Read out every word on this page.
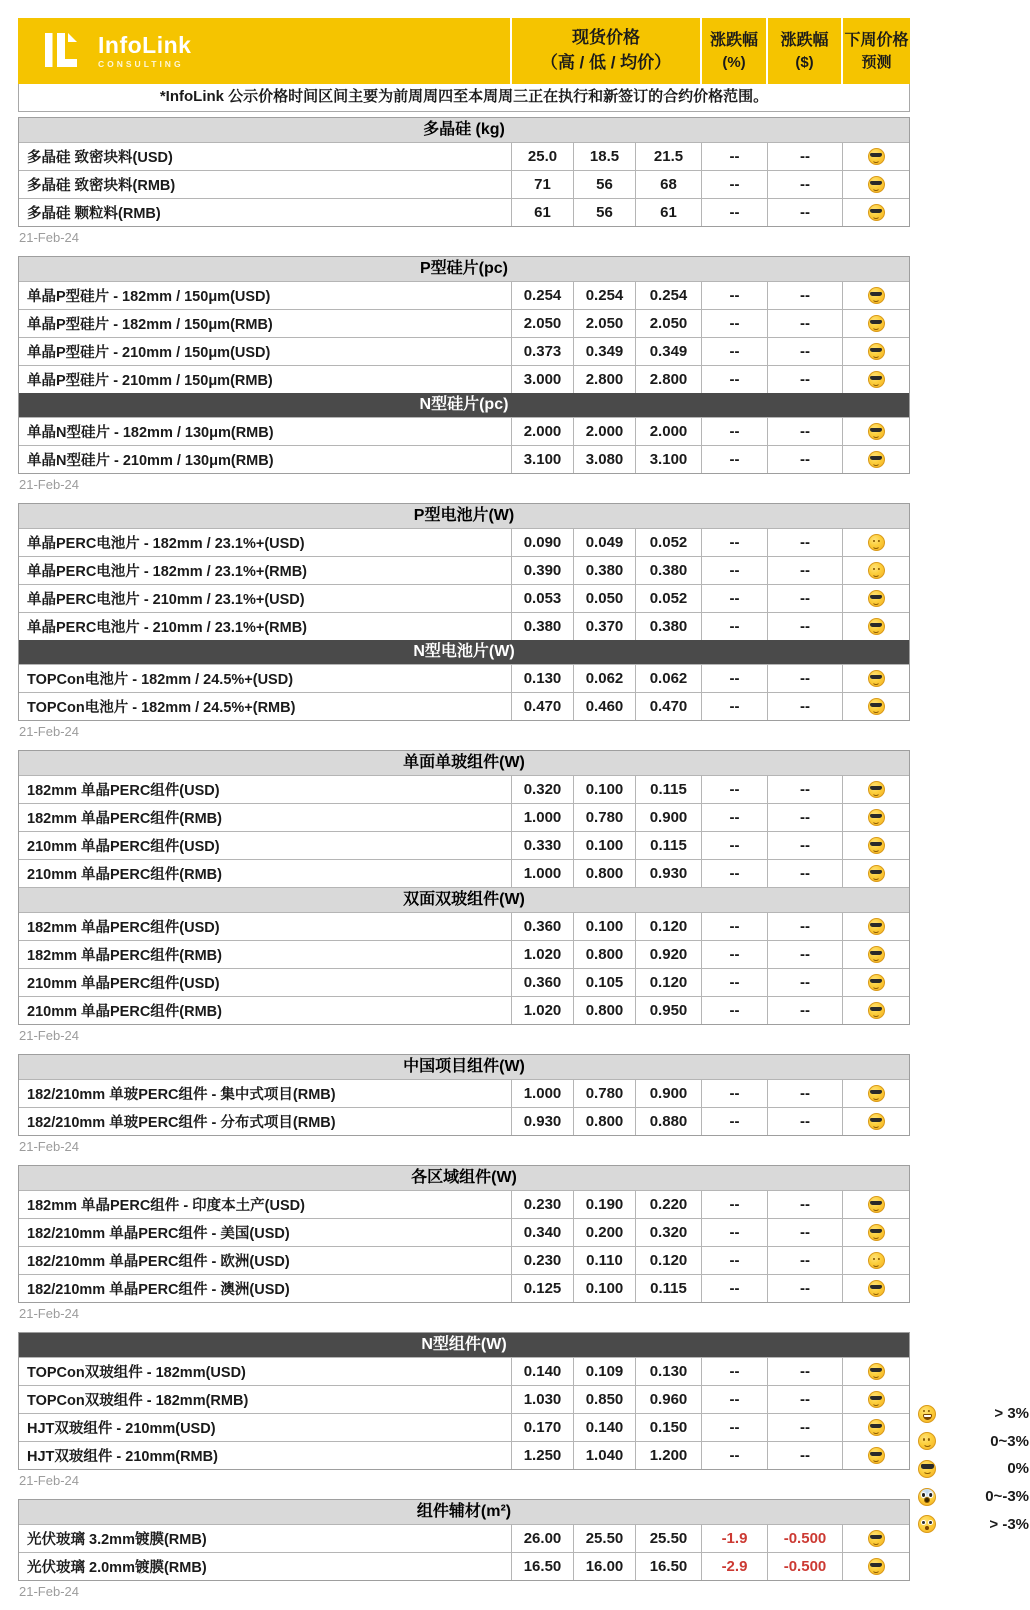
InfoLink
CONSULTING
现货价格
（高 / 低 / 均价）
涨跌幅
(%)
涨跌幅
($)
下周价格
预测
*InfoLink 公示价格时间区间主要为前周周四至本周周三正在执行和新签订的合约价格范围。
多晶硅 (kg)
多晶硅 致密块料(USD)	25.0	18.5	21.5	--	--
多晶硅 致密块料(RMB)	71	56	68	--	--
多晶硅 颗粒料(RMB)	61	56	61	--	--
21-Feb-24
P型硅片(pc)
单晶P型硅片 - 182mm / 150μm(USD)	0.254	0.254	0.254	--	--
单晶P型硅片 - 182mm / 150μm(RMB)	2.050	2.050	2.050	--	--
单晶P型硅片 - 210mm / 150μm(USD)	0.373	0.349	0.349	--	--
单晶P型硅片 - 210mm / 150μm(RMB)	3.000	2.800	2.800	--	--
N型硅片(pc)
单晶N型硅片 - 182mm / 130μm(RMB)	2.000	2.000	2.000	--	--
单晶N型硅片 - 210mm / 130μm(RMB)	3.100	3.080	3.100	--	--
21-Feb-24
P型电池片(W)
单晶PERC电池片 - 182mm / 23.1%+(USD)	0.090	0.049	0.052	--	--
单晶PERC电池片 - 182mm / 23.1%+(RMB)	0.390	0.380	0.380	--	--
单晶PERC电池片 - 210mm / 23.1%+(USD)	0.053	0.050	0.052	--	--
单晶PERC电池片 - 210mm / 23.1%+(RMB)	0.380	0.370	0.380	--	--
N型电池片(W)
TOPCon电池片 - 182mm / 24.5%+(USD)	0.130	0.062	0.062	--	--
TOPCon电池片 - 182mm / 24.5%+(RMB)	0.470	0.460	0.470	--	--
21-Feb-24
单面单玻组件(W)
182mm 单晶PERC组件(USD)	0.320	0.100	0.115	--	--
182mm 单晶PERC组件(RMB)	1.000	0.780	0.900	--	--
210mm 单晶PERC组件(USD)	0.330	0.100	0.115	--	--
210mm 单晶PERC组件(RMB)	1.000	0.800	0.930	--	--
双面双玻组件(W)
182mm 单晶PERC组件(USD)	0.360	0.100	0.120	--	--
182mm 单晶PERC组件(RMB)	1.020	0.800	0.920	--	--
210mm 单晶PERC组件(USD)	0.360	0.105	0.120	--	--
210mm 单晶PERC组件(RMB)	1.020	0.800	0.950	--	--
21-Feb-24
中国项目组件(W)
182/210mm 单玻PERC组件 - 集中式项目(RMB)	1.000	0.780	0.900	--	--
182/210mm 单玻PERC组件 - 分布式项目(RMB)	0.930	0.800	0.880	--	--
21-Feb-24
各区域组件(W)
182mm 单晶PERC组件 - 印度本土产(USD)	0.230	0.190	0.220	--	--
182/210mm 单晶PERC组件 - 美国(USD)	0.340	0.200	0.320	--	--
182/210mm 单晶PERC组件 - 欧洲(USD)	0.230	0.110	0.120	--	--
182/210mm 单晶PERC组件 - 澳洲(USD)	0.125	0.100	0.115	--	--
21-Feb-24
N型组件(W)
TOPCon双玻组件 - 182mm(USD)	0.140	0.109	0.130	--	--
TOPCon双玻组件 - 182mm(RMB)	1.030	0.850	0.960	--	--
HJT双玻组件 - 210mm(USD)	0.170	0.140	0.150	--	--
HJT双玻组件 - 210mm(RMB)	1.250	1.040	1.200	--	--
21-Feb-24
组件辅材(m²)
光伏玻璃 3.2mm镀膜(RMB)	26.00	25.50	25.50	-1.9	-0.500
光伏玻璃 2.0mm镀膜(RMB)	16.50	16.00	16.50	-2.9	-0.500
21-Feb-24
> 3%
0~3%
0%
0~-3%
> -3%
